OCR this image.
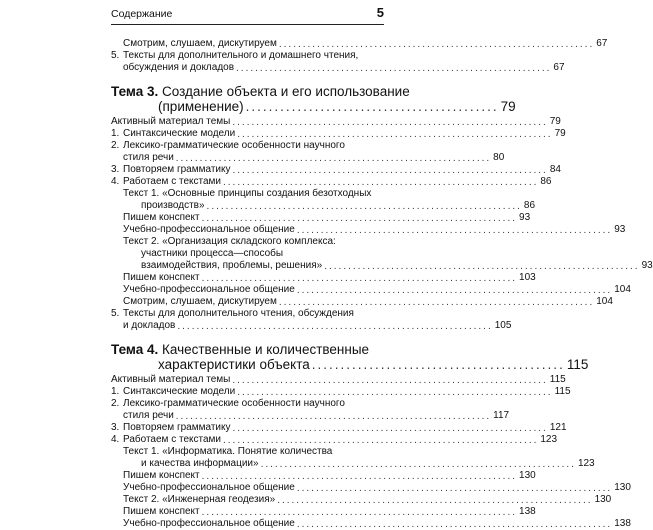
Содержание	5
Смотрим, слушаем, дискутируем .................................................................. 67
5. Тексты для дополнительного и домашнего чтения,
обсуждения и докладов .................................................................. 67
Тема 3. Создание объекта и его использование
(применение) ............................................ 79
Активный материал темы .................................................................. 79
1. Синтаксические модели .................................................................. 79
2. Лексико-грамматические особенности научного
стиля речи .................................................................. 80
3. Повторяем грамматику .................................................................. 84
4. Работаем с текстами .................................................................. 86
Текст 1. «Основные принципы создания безотходных
производств» .................................................................. 86
Пишем конспект .................................................................. 93
Учебно-профессиональное общение .................................................................. 93
Текст 2. «Организация складского комплекса:
участники процесса—способы
взаимодействия, проблемы, решения» .................................................................. 93
Пишем конспект .................................................................. 103
Учебно-профессиональное общение .................................................................. 104
Смотрим, слушаем, дискутируем .................................................................. 104
5. Тексты для дополнительного чтения, обсуждения
и докладов .................................................................. 105
Тема 4. Качественные и количественные
характеристики объекта ............................................ 115
Активный материал темы .................................................................. 115
1. Синтаксические модели .................................................................. 115
2. Лексико-грамматические особенности научного
стиля речи .................................................................. 117
3. Повторяем грамматику .................................................................. 121
4. Работаем с текстами .................................................................. 123
Текст 1. «Информатика. Понятие количества
и качества информации» .................................................................. 123
Пишем конспект .................................................................. 130
Учебно-профессиональное общение .................................................................. 130
Текст 2. «Инженерная геодезия» .................................................................. 130
Пишем конспект .................................................................. 138
Учебно-профессиональное общение .................................................................. 138
